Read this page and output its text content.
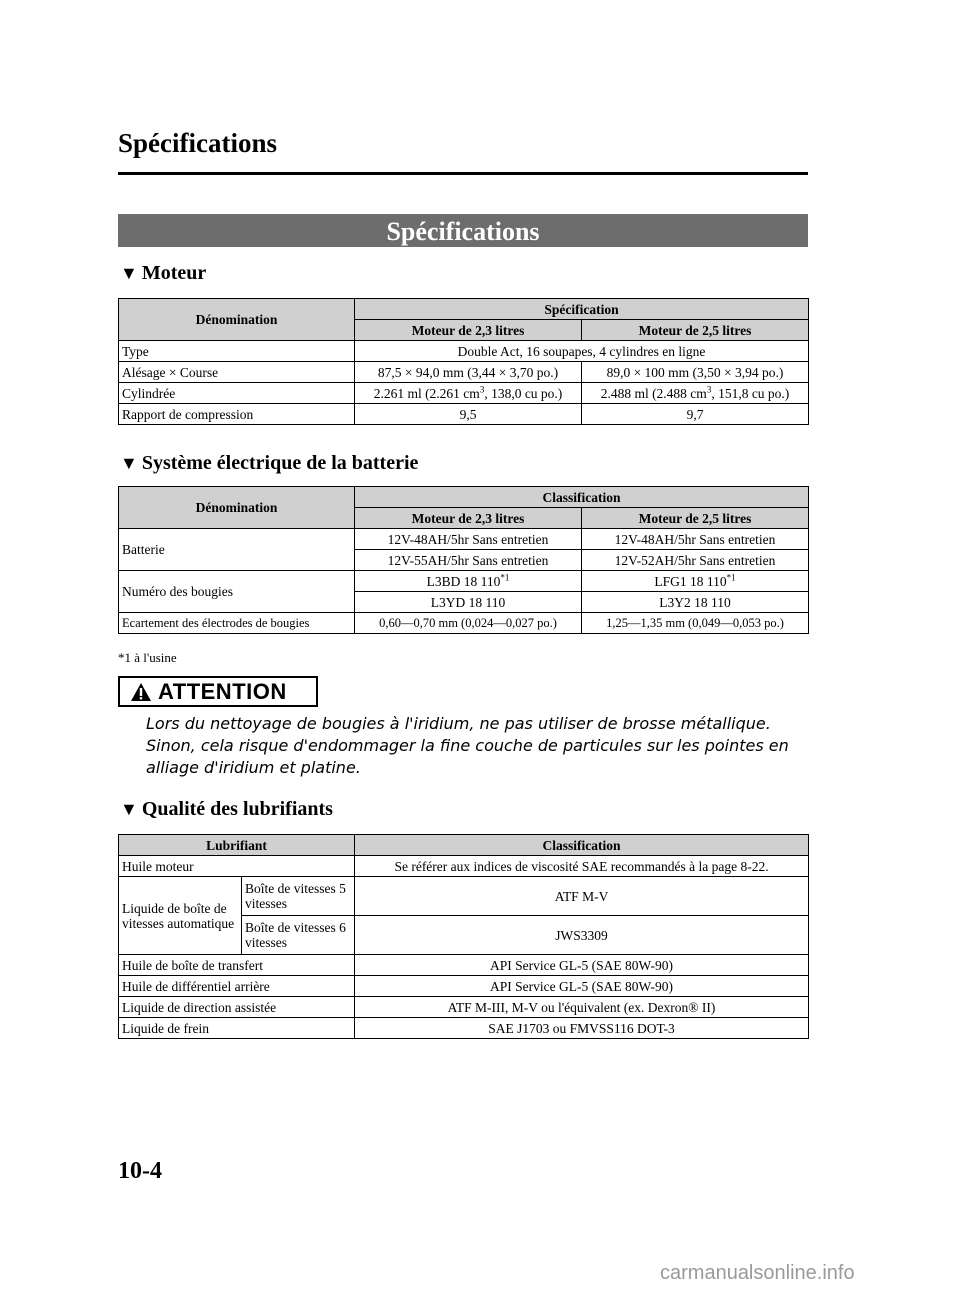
Spécifications
Spécifications
▼ Moteur
Dénomination	Spécification	
	Moteur de 2,3 litres	Moteur de 2,5 litres
Type	Double Act, 16 soupapes, 4 cylindres en ligne	
Alésage × Course	87,5 × 94,0 mm (3,44 × 3,70 po.)	89,0 × 100 mm (3,50 × 3,94 po.)
Cylindrée	2.261 ml (2.261 $cm^3$, 138,0 cu po.)	2.488 ml (2.488 $cm^3$, 151,8 cu po.)
Rapport de compression	9,5	9,7
▼ Système électrique de la batterie
Dénomination	Classification	
	Moteur de 2,3 litres	Moteur de 2,5 litres
Batterie	12V-48AH/5hr Sans entretien	12V-48AH/5hr Sans entretien
	12V-55AH/5hr Sans entretien	12V-52AH/5hr Sans entretien
Numéro des bougies	L3BD 18 110$^{*1}$	LFG1 18 110$^{*1}$
	L3YD 18 110	L3Y2 18 110
Ecartement des électrodes de bougies	0,60―0,70 mm (0,024―0,027 po.)	1,25―1,35 mm (0,049―0,053 po.)
*1 à l'usine
ATTENTION
Lors du nettoyage de bougies à l'iridium, ne pas utiliser de brosse métallique. Sinon, cela risque d'endommager la fine couche de particules sur les pointes en alliage d'iridium et platine.
▼ Qualité des lubrifiants
Lubrifiant		Classification
Huile moteur		Se référer aux indices de viscosité SAE recommandés à la page 8-22.
Liquide de boîte de vitesses automatique	Boîte de vitesses 5 vitesses	ATF M-V
	Boîte de vitesses 6 vitesses	JWS3309
Huile de boîte de transfert		API Service GL-5 (SAE 80W-90)
Huile de différentiel arrière		API Service GL-5 (SAE 80W-90)
Liquide de direction assistée		ATF M-III, M-V ou l'équivalent (ex. Dexron® II)
Liquide de frein		SAE J1703 ou FMVSS116 DOT-3
10-4
carmanualsonline.info
